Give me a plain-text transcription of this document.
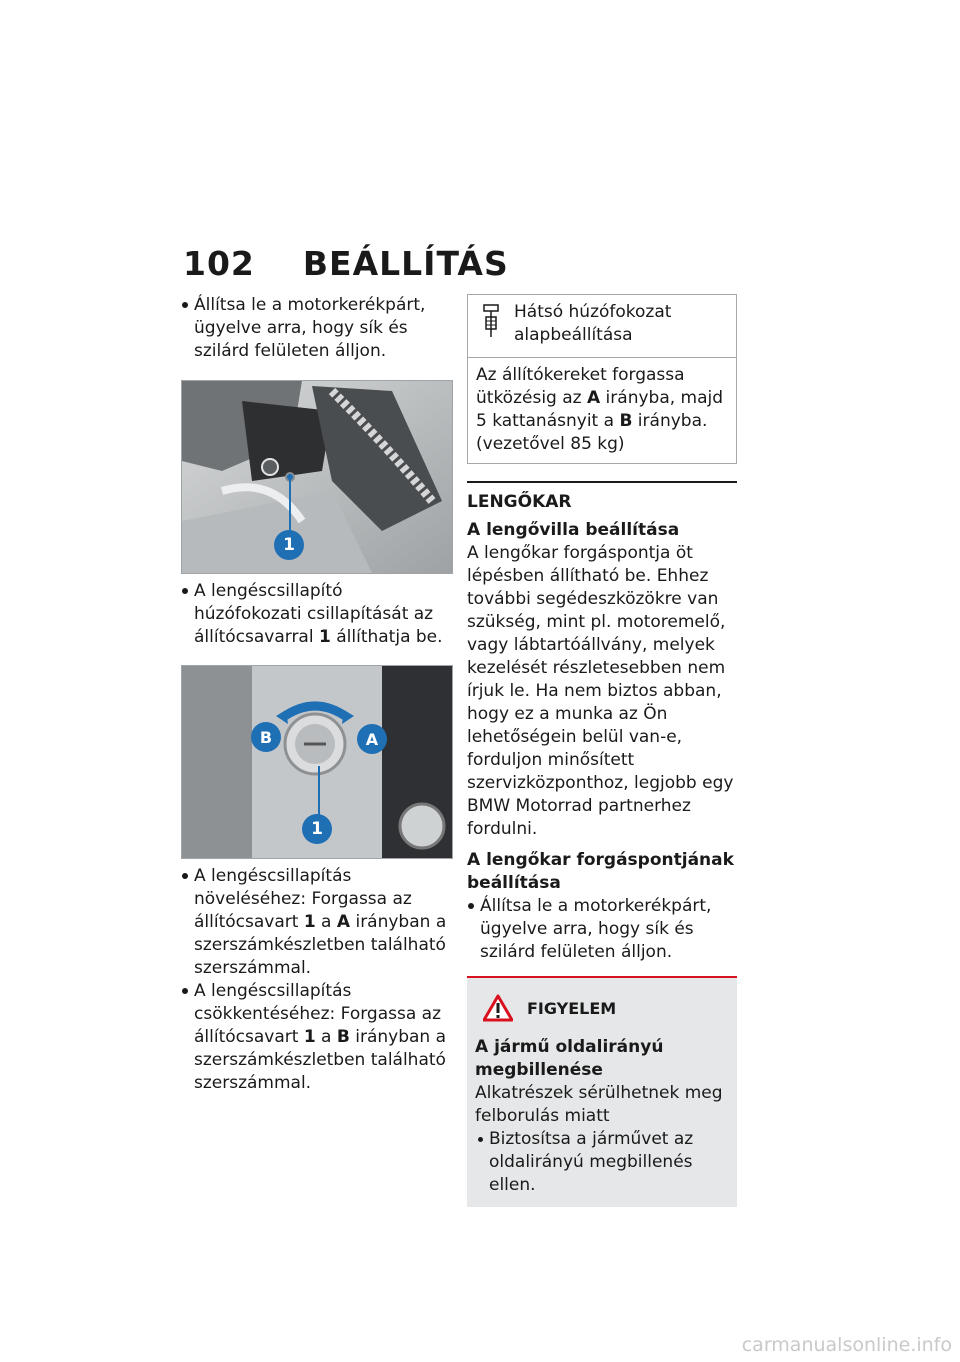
102 BEÁLLÍTÁS

Állítsa le a motorkerékpárt, ügyelve arra, hogy sík és szilárd felületen álljon.

1

A lengéscsillapító húzófokozati csillapítását az állítócsavarral 1 állíthatja be.

B	A
1

A lengéscsillapítás növeléséhez: Forgassa az állítócsavart 1 a A irányban a szerszámkészletben található szerszámmal.

A lengéscsillapítás csökkentéséhez: Forgassa az állítócsavart 1 a B irányban a szerszámkészletben található szerszámmal.

Hátsó húzófokozat alapbeállítása
Az állítókereket forgassa ütközésig az A irányba, majd 5 kattanásnyit a B irányba. (vezetővel 85 kg)
LENGŐKAR
A lengővilla beállítása

A lengőkar forgáspontja öt lépésben állítható be. Ehhez további segédeszközökre van szükség, mint pl. motoremelő, vagy lábtartóállvány, melyek kezelését részletesebben nem írjuk le. Ha nem biztos abban, hogy ez a munka az Ön lehetőségein belül van-e, forduljon minősített szervizközponthoz, legjobb egy BMW Motorrad partnerhez fordulni.

A lengőkar forgáspontjának beállítása

Állítsa le a motorkerékpárt, ügyelve arra, hogy sík és szilárd felületen álljon.

FIGYELEM
A jármű oldalirányú megbillenése
Alkatrészek sérülhetnek meg felborulás miatt
Biztosítsa a járművet az oldalirányú megbillenés ellen.
carmanualsonline.info
